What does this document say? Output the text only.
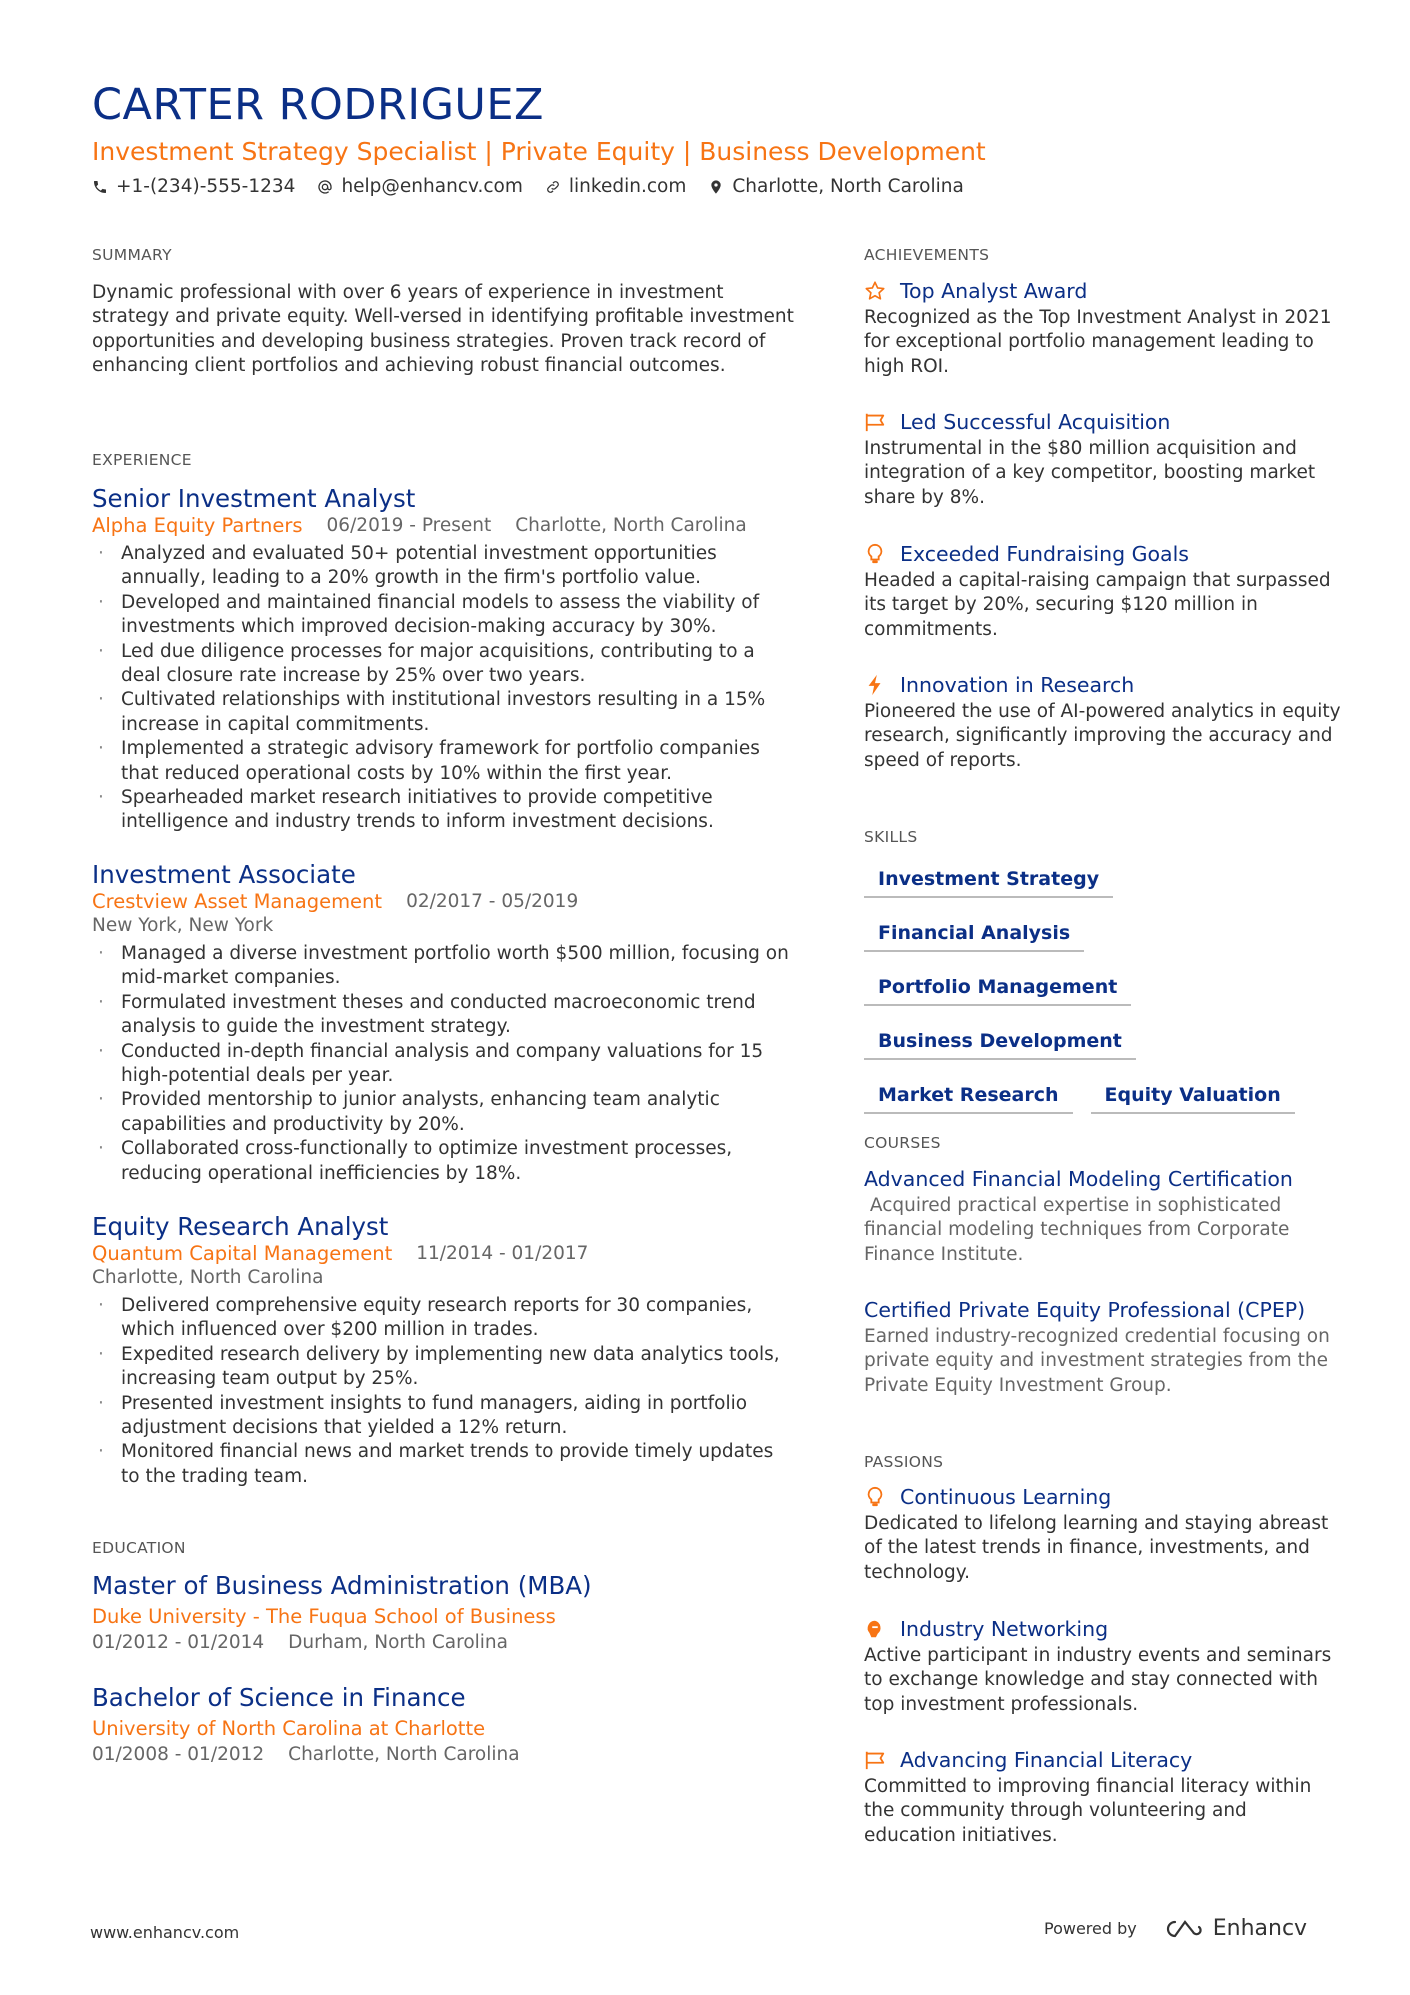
CARTER RODRIGUEZ
Investment Strategy Specialist | Private Equity | Business Development
+1-(234)-555-1234 help@enhancv.com linkedin.com Charlotte, North Carolina
SUMMARY
Dynamic professional with over 6 years of experience in investment strategy and private equity. Well-versed in identifying profitable investment opportunities and developing business strategies. Proven track record of enhancing client portfolios and achieving robust financial outcomes.
EXPERIENCE
Senior Investment Analyst
Alpha Equity Partners 06/2019 - Present Charlotte, North Carolina
· Analyzed and evaluated 50+ potential investment opportunities annually, leading to a 20% growth in the firm's portfolio value.
· Developed and maintained financial models to assess the viability of investments which improved decision-making accuracy by 30%.
· Led due diligence processes for major acquisitions, contributing to a deal closure rate increase by 25% over two years.
· Cultivated relationships with institutional investors resulting in a 15% increase in capital commitments.
· Implemented a strategic advisory framework for portfolio companies that reduced operational costs by 10% within the first year.
· Spearheaded market research initiatives to provide competitive intelligence and industry trends to inform investment decisions.
Investment Associate
Crestview Asset Management 02/2017 - 05/2019
New York, New York
· Managed a diverse investment portfolio worth $500 million, focusing on mid-market companies.
· Formulated investment theses and conducted macroeconomic trend analysis to guide the investment strategy.
· Conducted in-depth financial analysis and company valuations for 15 high-potential deals per year.
· Provided mentorship to junior analysts, enhancing team analytic capabilities and productivity by 20%.
· Collaborated cross-functionally to optimize investment processes, reducing operational inefficiencies by 18%.
Equity Research Analyst
Quantum Capital Management 11/2014 - 01/2017
Charlotte, North Carolina
· Delivered comprehensive equity research reports for 30 companies, which influenced over $200 million in trades.
· Expedited research delivery by implementing new data analytics tools, increasing team output by 25%.
· Presented investment insights to fund managers, aiding in portfolio adjustment decisions that yielded a 12% return.
· Monitored financial news and market trends to provide timely updates to the trading team.
EDUCATION
Master of Business Administration (MBA)
Duke University - The Fuqua School of Business
01/2012 - 01/2014 Durham, North Carolina
Bachelor of Science in Finance
University of North Carolina at Charlotte
01/2008 - 01/2012 Charlotte, North Carolina
ACHIEVEMENTS
Top Analyst Award
Recognized as the Top Investment Analyst in 2021 for exceptional portfolio management leading to high ROI.
Led Successful Acquisition
Instrumental in the $80 million acquisition and integration of a key competitor, boosting market share by 8%.
Exceeded Fundraising Goals
Headed a capital-raising campaign that surpassed its target by 20%, securing $120 million in commitments.
Innovation in Research
Pioneered the use of AI-powered analytics in equity research, significantly improving the accuracy and speed of reports.
SKILLS
Investment Strategy
Financial Analysis
Portfolio Management
Business Development
Market Research	Equity Valuation
COURSES
Advanced Financial Modeling Certification
Acquired practical expertise in sophisticated financial modeling techniques from Corporate Finance Institute.
Certified Private Equity Professional (CPEP)
Earned industry-recognized credential focusing on private equity and investment strategies from the Private Equity Investment Group.
PASSIONS
Continuous Learning
Dedicated to lifelong learning and staying abreast of the latest trends in finance, investments, and technology.
Industry Networking
Active participant in industry events and seminars to exchange knowledge and stay connected with top investment professionals.
Advancing Financial Literacy
Committed to improving financial literacy within the community through volunteering and education initiatives.
www.enhancv.com	Powered by	Enhancv
